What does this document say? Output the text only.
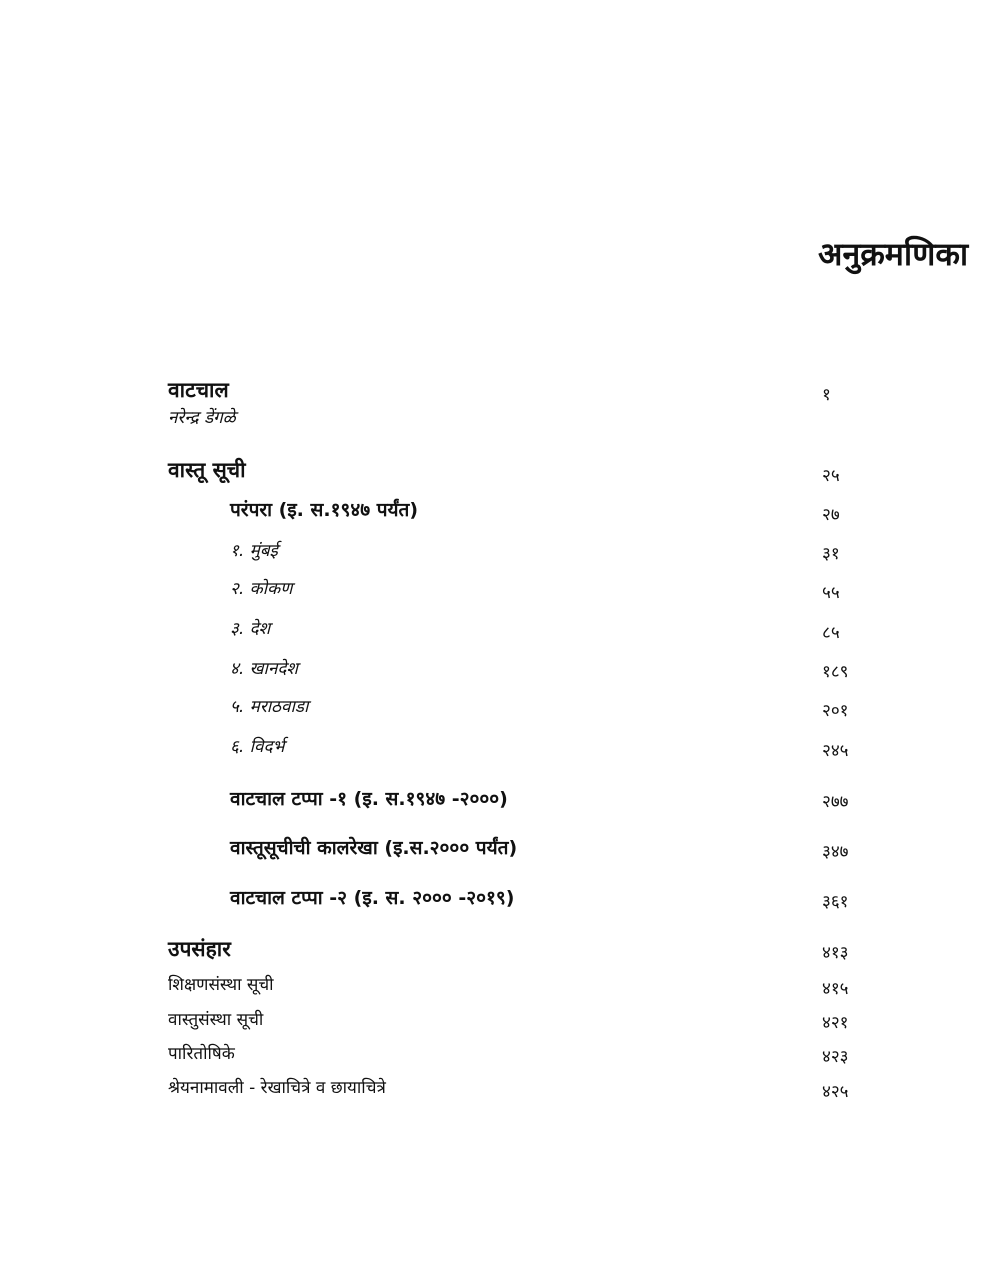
अनुक्रमणिका
वाटचाल	१
नरेन्द्र डेंगळे
वास्तू सूची	२५
परंपरा (इ. स.१९४७ पर्यंत)	२७
१. मुंबई	३१
२. कोकण	५५
३. देश	८५
४. खानदेश	१८९
५. मराठवाडा	२०१
६. विदर्भ	२४५
वाटचाल टप्पा -१ (इ. स.१९४७ -२०००)	२७७
वास्तूसूचीची कालरेखा (इ.स.२००० पर्यंत)	३४७
वाटचाल टप्पा -२ (इ. स. २००० -२०१९)	३६१
उपसंहार	४१३
शिक्षणसंस्था सूची	४१५
वास्तुसंस्था सूची	४२१
पारितोषिके	४२३
श्रेयनामावली - रेखाचित्रे व छायाचित्रे	४२५
